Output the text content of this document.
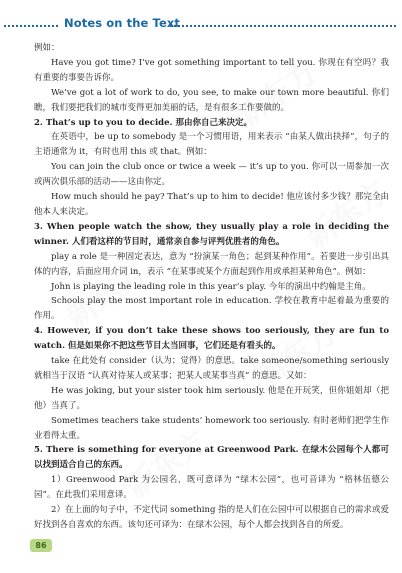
新东方
新东方
新东方
新东方
新东方
Notes on the Text

例如：

Have you got time? I’ve got something important to tell you. 你现在有空吗？我有重要的事要告诉你。

We’ve got a lot of work to do, you see, to make our town more beautiful. 你们瞧，我们要把我们的城市变得更加美丽的话，是有很多工作要做的。

2. That’s up to you to decide. 那由你自己来决定。

在英语中，be up to somebody 是一个习惯用语，用来表示 “由某人做出抉择”，句子的主语通常为 it，有时也用 this 或 that。例如：

You can join the club once or twice a week — it’s up to you. 你可以一周参加一次或两次俱乐部的活动——这由你定。

How much should he pay? That’s up to him to decide! 他应该付多少钱？那完全由他本人来决定。

3. When people watch the show, they usually play a role in deciding the winner. 人们看这样的节目时，通常亲自参与评判优胜者的角色。

play a role 是一种固定表达，意为 “扮演某一角色；起到某种作用”。若要进一步引出具体的内容，后面应用介词 in，表示 “在某事或某个方面起到作用或承担某种角色”。例如：

John is playing the leading role in this year’s play. 今年的演出中约翰是主角。

Schools play the most important role in education. 学校在教育中起着最为重要的作用。

4. However, if you don’t take these shows too seriously, they are fun to watch. 但是如果你不把这些节目太当回事，它们还是有看头的。

take 在此处有 consider（认为；觉得）的意思。take someone/something seriously 就相当于汉语 “认真对待某人或某事；把某人或某事当真” 的意思。又如：

He was joking, but your sister took him seriously. 他是在开玩笑，但你姐姐却（把他）当真了。

Sometimes teachers take students’ homework too seriously. 有时老师们把学生作业看得太重。

5. There is something for everyone at Greenwood Park. 在绿木公园每个人都可以找到适合自己的东西。

1）Greenwood Park 为公园名，既可意译为 “绿木公园”，也可音译为 “格林伍德公园”。在此我们采用意译。

2）在上面的句子中，不定代词 something 指的是人们在公园中可以根据自己的需求或爱好找到各自喜欢的东西。该句还可译为：在绿木公园，每个人都会找到各自的所爱。

86
